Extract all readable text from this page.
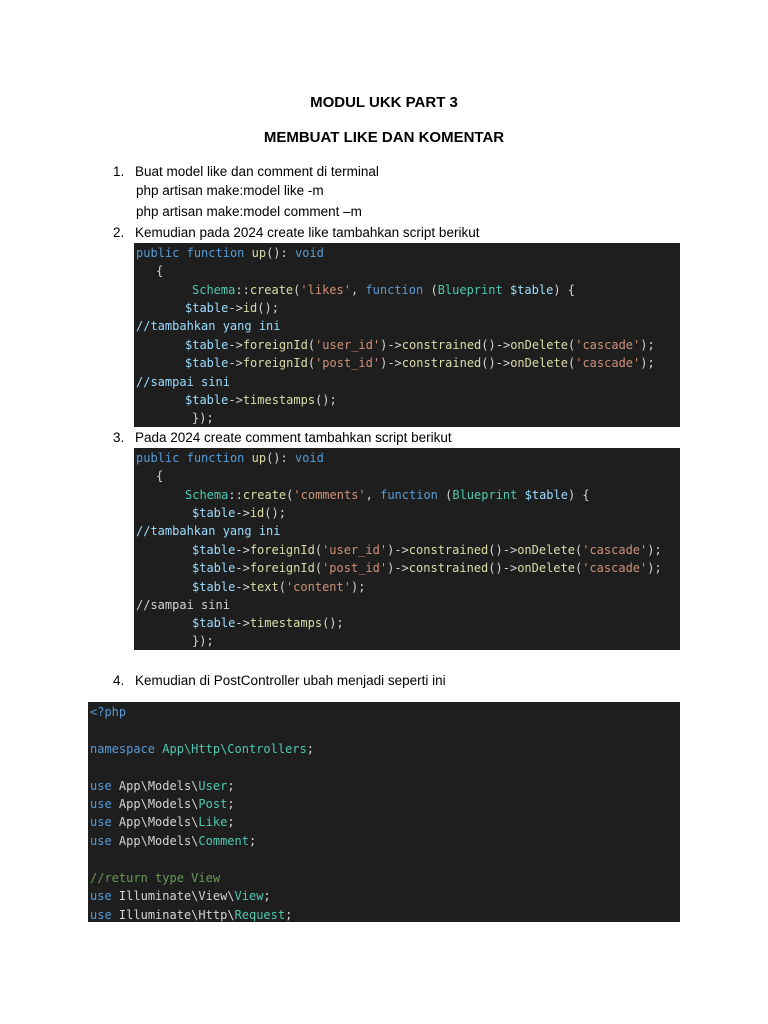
MODUL UKK PART 3
MEMBUAT LIKE DAN KOMENTAR
1. Buat model like dan comment di terminal
php artisan make:model like -m
php artisan make:model comment –m
2. Kemudian pada 2024 create like tambahkan script berikut
public function up(): void
{
Schema::create('likes', function (Blueprint $table) {
$table->id();
//tambahkan yang ini
$table->foreignId('user_id')->constrained()->onDelete('cascade');
$table->foreignId('post_id')->constrained()->onDelete('cascade');
//sampai sini
$table->timestamps();
});
3. Pada 2024 create comment tambahkan script berikut
public function up(): void
{
Schema::create('comments', function (Blueprint $table) {
$table->id();
//tambahkan yang ini
$table->foreignId('user_id')->constrained()->onDelete('cascade');
$table->foreignId('post_id')->constrained()->onDelete('cascade');
$table->text('content');
//sampai sini
$table->timestamps();
});
4. Kemudian di PostController ubah menjadi seperti ini
<?php
namespace App\Http\Controllers;
use App\Models\User;
use App\Models\Post;
use App\Models\Like;
use App\Models\Comment;
//return type View
use Illuminate\View\View;
use Illuminate\Http\Request;
